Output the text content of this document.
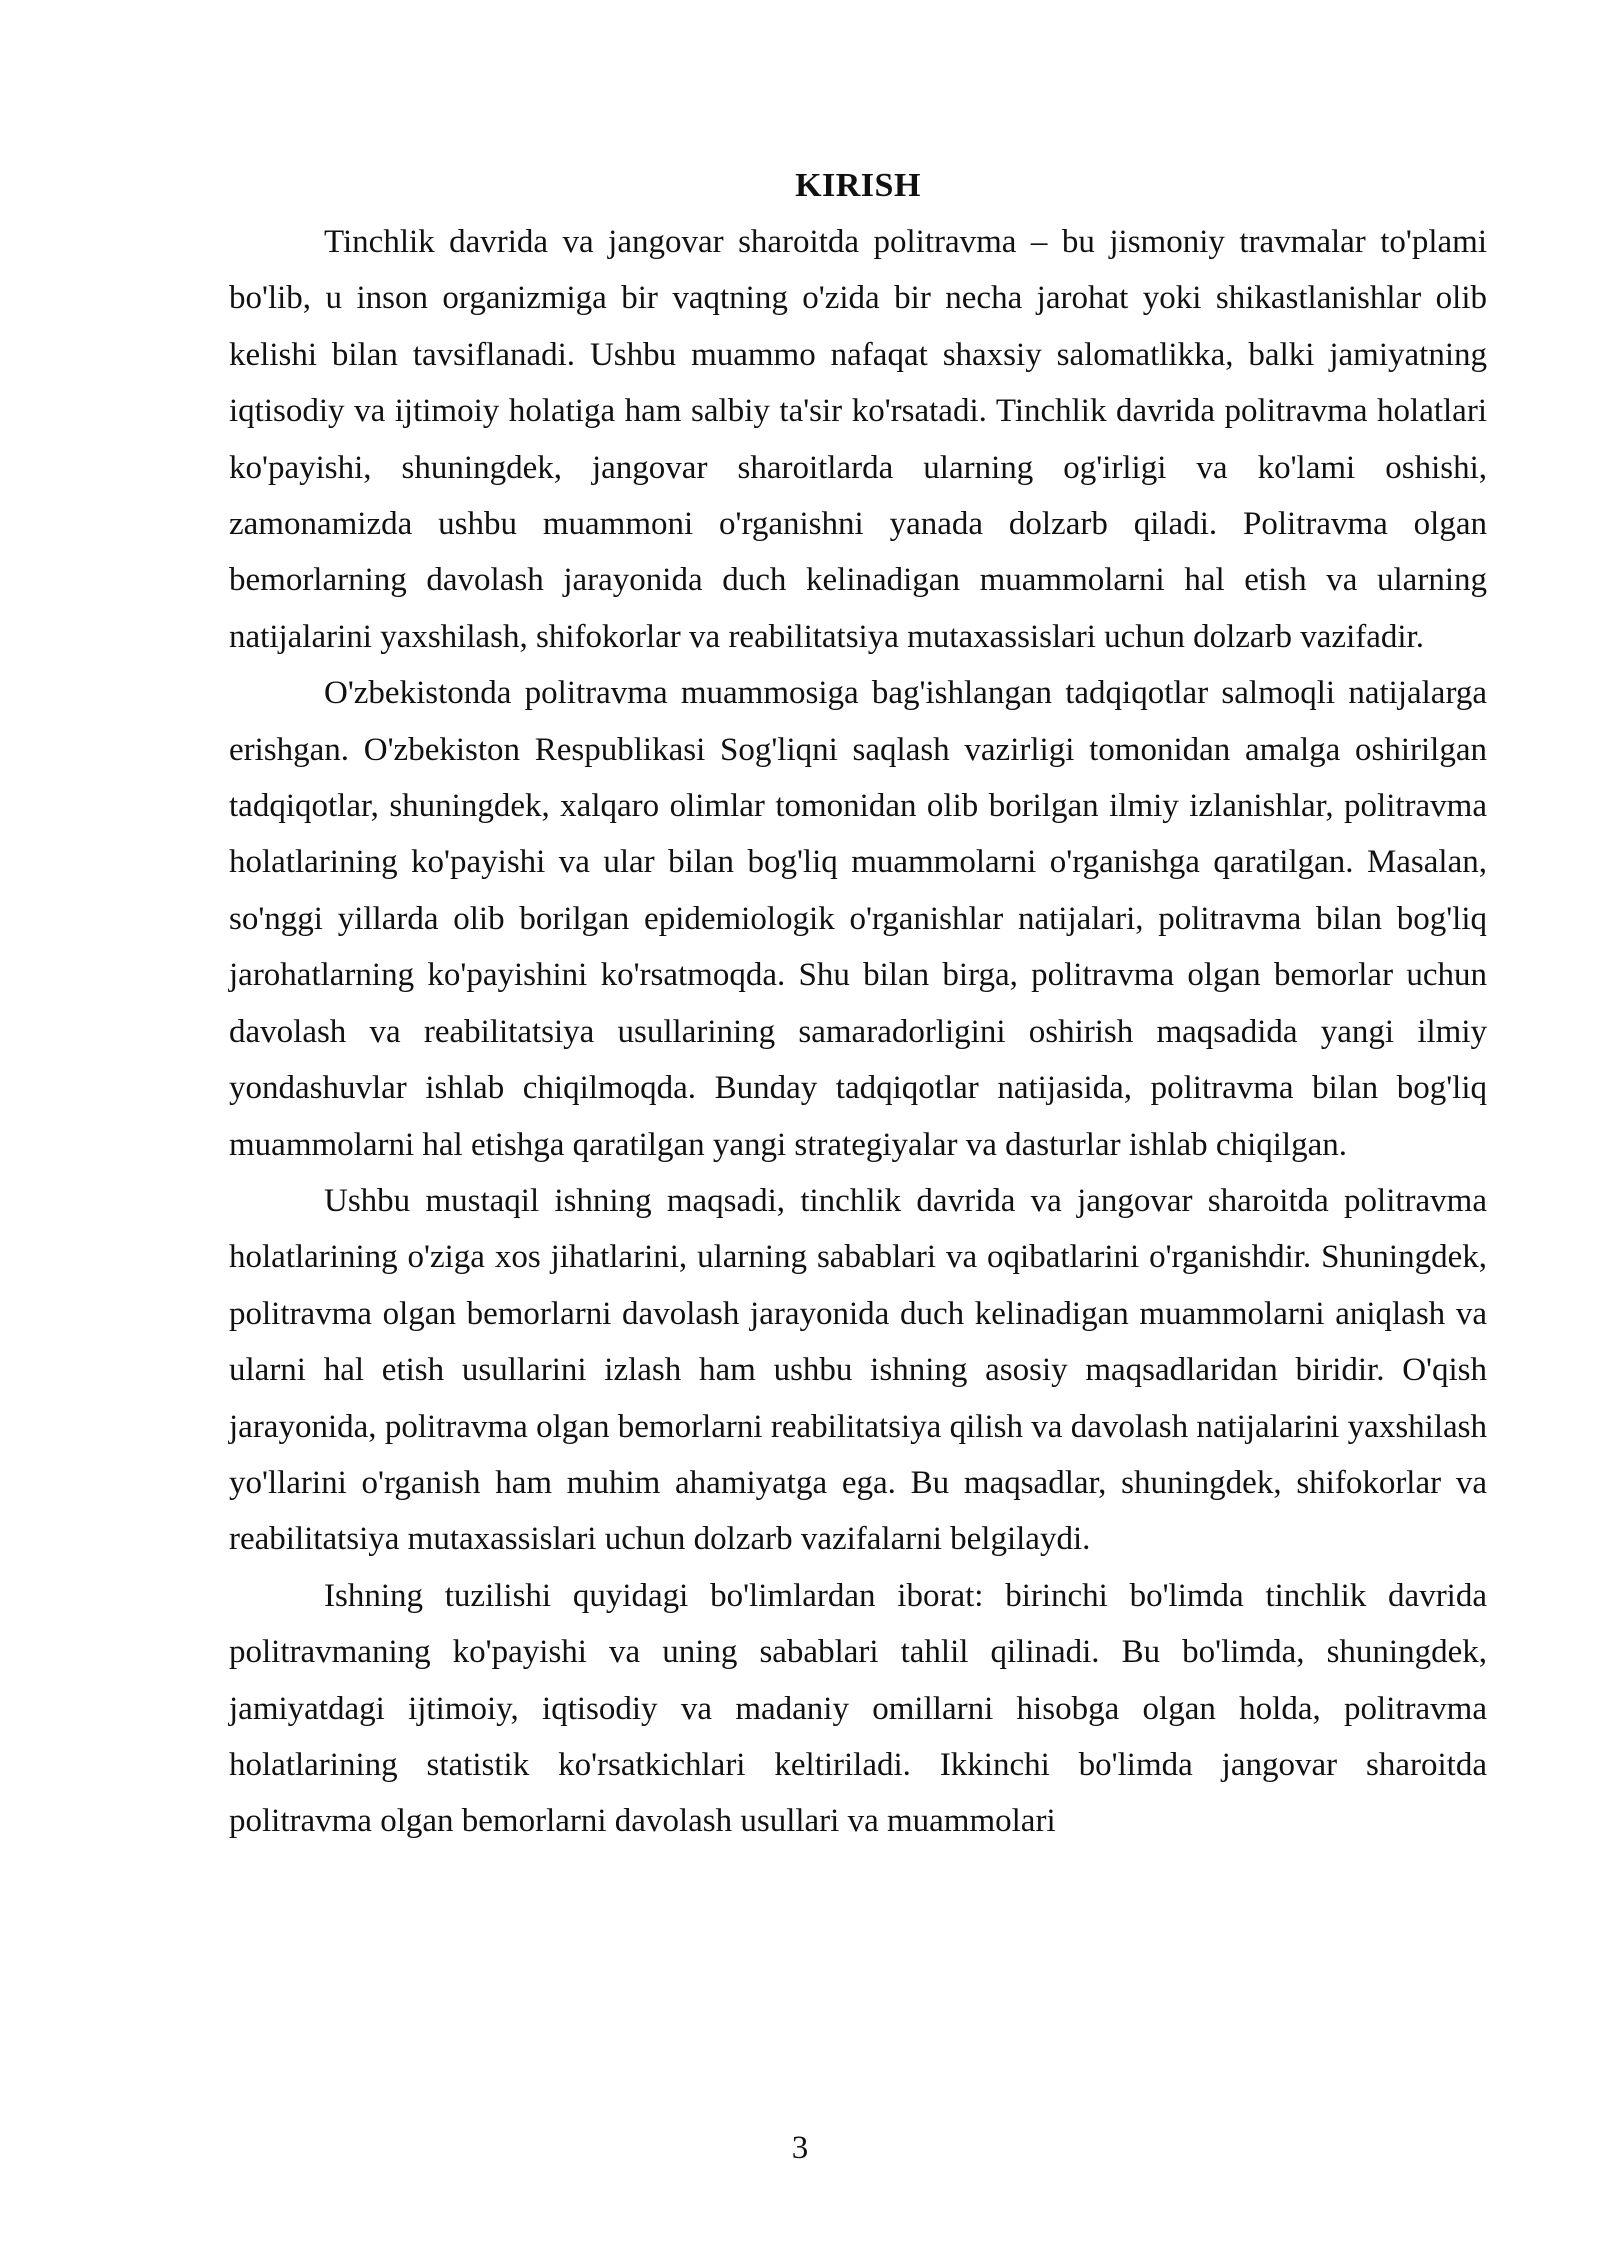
KIRISH

Tinchlik davrida va jangovar sharoitda politravma – bu jismoniy travmalar to'plami bo'lib, u inson organizmiga bir vaqtning o'zida bir necha jarohat yoki shikastlanishlar olib kelishi bilan tavsiflanadi. Ushbu muammo nafaqat shaxsiy salomatlikka, balki jamiyatning iqtisodiy va ijtimoiy holatiga ham salbiy ta'sir ko'rsatadi. Tinchlik davrida politravma holatlari ko'payishi, shuningdek, jangovar sharoitlarda ularning og'irligi va ko'lami oshishi, zamonamizda ushbu muammoni o'rganishni yanada dolzarb qiladi. Politravma olgan bemorlarning davolash jarayonida duch kelinadigan muammolarni hal etish va ularning natijalarini yaxshilash, shifokorlar va reabilitatsiya mutaxassislari uchun dolzarb vazifadir.

O'zbekistonda politravma muammosiga bag'ishlangan tadqiqotlar salmoqli natijalarga erishgan. O'zbekiston Respublikasi Sog'liqni saqlash vazirligi tomonidan amalga oshirilgan tadqiqotlar, shuningdek, xalqaro olimlar tomonidan olib borilgan ilmiy izlanishlar, politravma holatlarining ko'payishi va ular bilan bog'liq muammolarni o'rganishga qaratilgan. Masalan, so'nggi yillarda olib borilgan epidemiologik o'rganishlar natijalari, politravma bilan bog'liq jarohatlarning ko'payishini ko'rsatmoqda. Shu bilan birga, politravma olgan bemorlar uchun davolash va reabilitatsiya usullarining samaradorligini oshirish maqsadida yangi ilmiy yondashuvlar ishlab chiqilmoqda. Bunday tadqiqotlar natijasida, politravma bilan bog'liq muammolarni hal etishga qaratilgan yangi strategiyalar va dasturlar ishlab chiqilgan.

Ushbu mustaqil ishning maqsadi, tinchlik davrida va jangovar sharoitda politravma holatlarining o'ziga xos jihatlarini, ularning sabablari va oqibatlarini o'rganishdir. Shuningdek, politravma olgan bemorlarni davolash jarayonida duch kelinadigan muammolarni aniqlash va ularni hal etish usullarini izlash ham ushbu ishning asosiy maqsadlaridan biridir. O'qish jarayonida, politravma olgan bemorlarni reabilitatsiya qilish va davolash natijalarini yaxshilash yo'llarini o'rganish ham muhim ahamiyatga ega. Bu maqsadlar, shuningdek, shifokorlar va reabilitatsiya mutaxassislari uchun dolzarb vazifalarni belgilaydi.

Ishning tuzilishi quyidagi bo'limlardan iborat: birinchi bo'limda tinchlik davrida politravmaning ko'payishi va uning sabablari tahlil qilinadi. Bu bo'limda, shuningdek, jamiyatdagi ijtimoiy, iqtisodiy va madaniy omillarni hisobga olgan holda, politravma holatlarining statistik ko'rsatkichlari keltiriladi. Ikkinchi bo'limda jangovar sharoitda politravma olgan bemorlarni davolash usullari va muammolari

3
